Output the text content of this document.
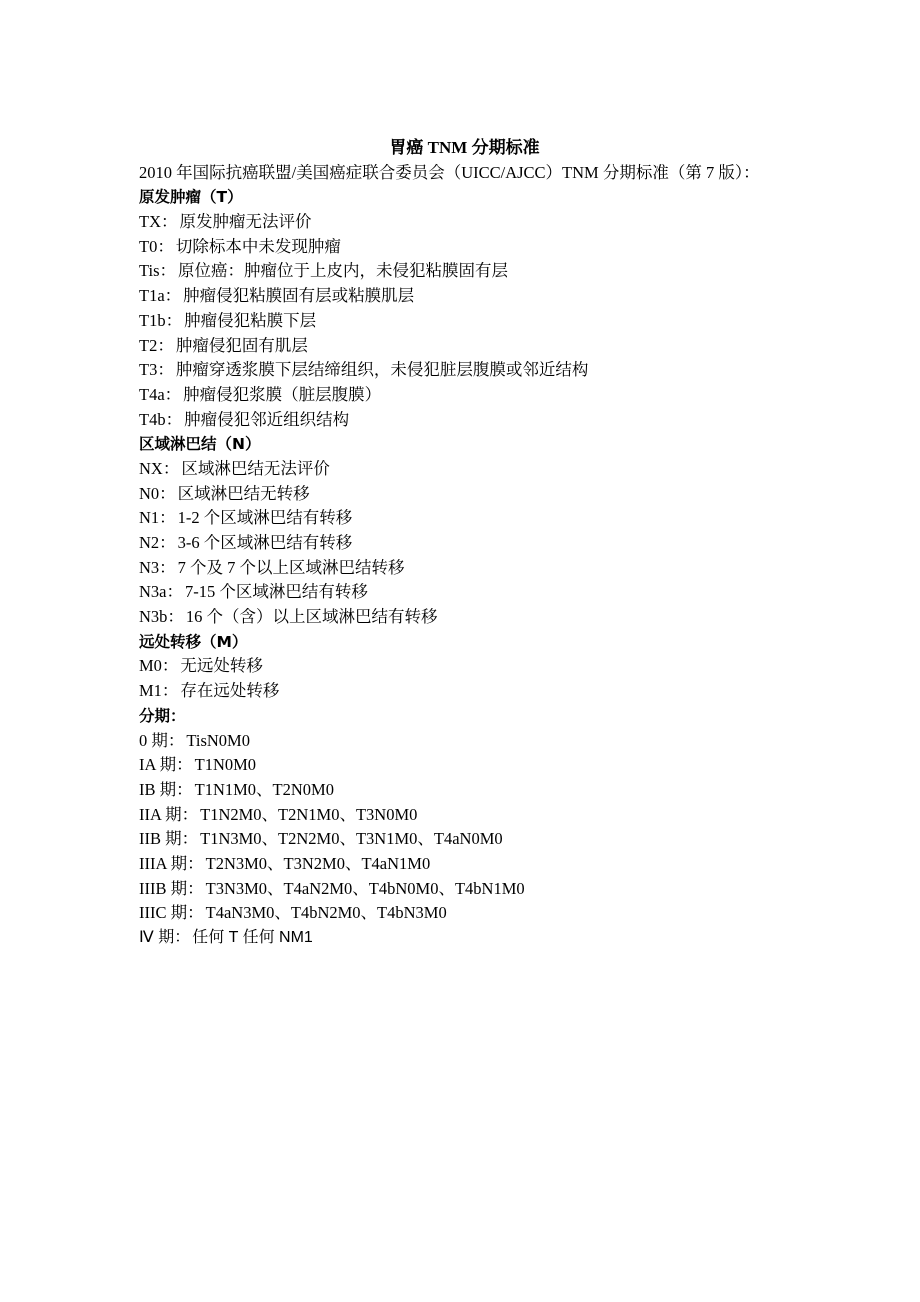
胃癌 TNM 分期标准
2010 年国际抗癌联盟/美国癌症联合委员会（UICC/AJCC）TNM 分期标准（第 7 版）：
原发肿瘤（T）
TX： 原发肿瘤无法评价
T0： 切除标本中未发现肿瘤
Tis： 原位癌：肿瘤位于上皮内，未侵犯粘膜固有层
T1a： 肿瘤侵犯粘膜固有层或粘膜肌层
T1b： 肿瘤侵犯粘膜下层
T2： 肿瘤侵犯固有肌层
T3： 肿瘤穿透浆膜下层结缔组织，未侵犯脏层腹膜或邻近结构
T4a： 肿瘤侵犯浆膜（脏层腹膜）
T4b： 肿瘤侵犯邻近组织结构
区域淋巴结（N）
NX： 区域淋巴结无法评价
N0： 区域淋巴结无转移
N1： 1-2 个区域淋巴结有转移
N2： 3-6 个区域淋巴结有转移
N3： 7 个及 7 个以上区域淋巴结转移
N3a： 7-15 个区域淋巴结有转移
N3b： 16 个（含）以上区域淋巴结有转移
远处转移（M）
M0： 无远处转移
M1： 存在远处转移
分期：
0 期： TisN0M0
IA 期： T1N0M0
IB 期： T1N1M0、T2N0M0
IIA 期： T1N2M0、T2N1M0、T3N0M0
IIB 期： T1N3M0、T2N2M0、T3N1M0、T4aN0M0
IIIA 期： T2N3M0、T3N2M0、T4aN1M0
IIIB 期： T3N3M0、T4aN2M0、T4bN0M0、T4bN1M0
IIIC 期： T4aN3M0、T4bN2M0、T4bN3M0
Ⅳ 期： 任何 T 任何 NM1
